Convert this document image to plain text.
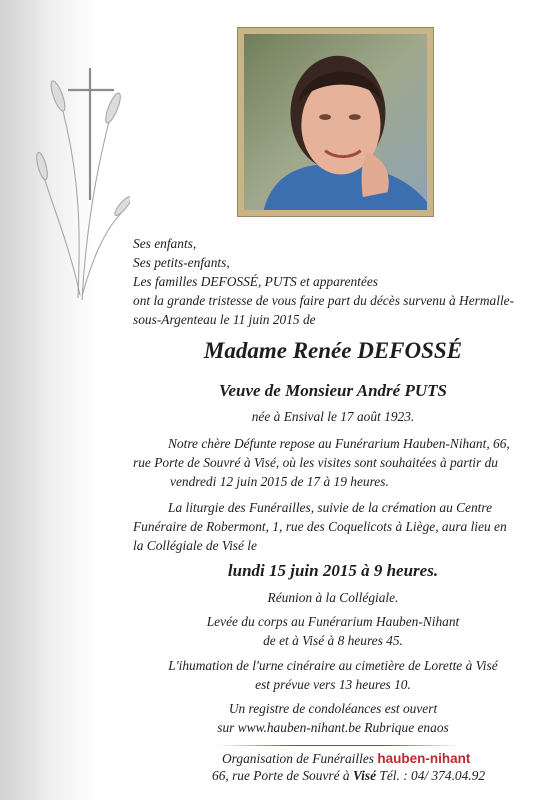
Ses enfants,
Ses petits-enfants,
Les familles DEFOSSÉ, PUTS et apparentées
ont la grande tristesse de vous faire part du décès survenu à Hermalle-
sous-Argenteau le 11 juin 2015 de
Madame Renée DEFOSSÉ
Veuve de Monsieur André PUTS
née à Ensival le 17 août 1923.
Notre chère Défunte repose au Funérarium Hauben-Nihant, 66,
rue Porte de Souvré à Visé, où les visites sont souhaitées à partir du
vendredi 12 juin 2015 de 17 à 19 heures.
La liturgie des Funérailles, suivie de la crémation au Centre
Funéraire de Robermont, 1, rue des Coquelicots à Liège, aura lieu en
la Collégiale de Visé le
lundi 15 juin 2015 à 9 heures.
Réunion à la Collégiale.
Levée du corps au Funérarium Hauben-Nihant
de et à Visé à 8 heures 45.
L'ihumation de l'urne cinéraire au cimetière de Lorette à Visé
est prévue vers 13 heures 10.
Un registre de condoléances est ouvert
sur www.hauben-nihant.be Rubrique enaos
Organisation de Funérailles hauben-nihant
66, rue Porte de Souvré à Visé Tél. : 04/ 374.04.92
